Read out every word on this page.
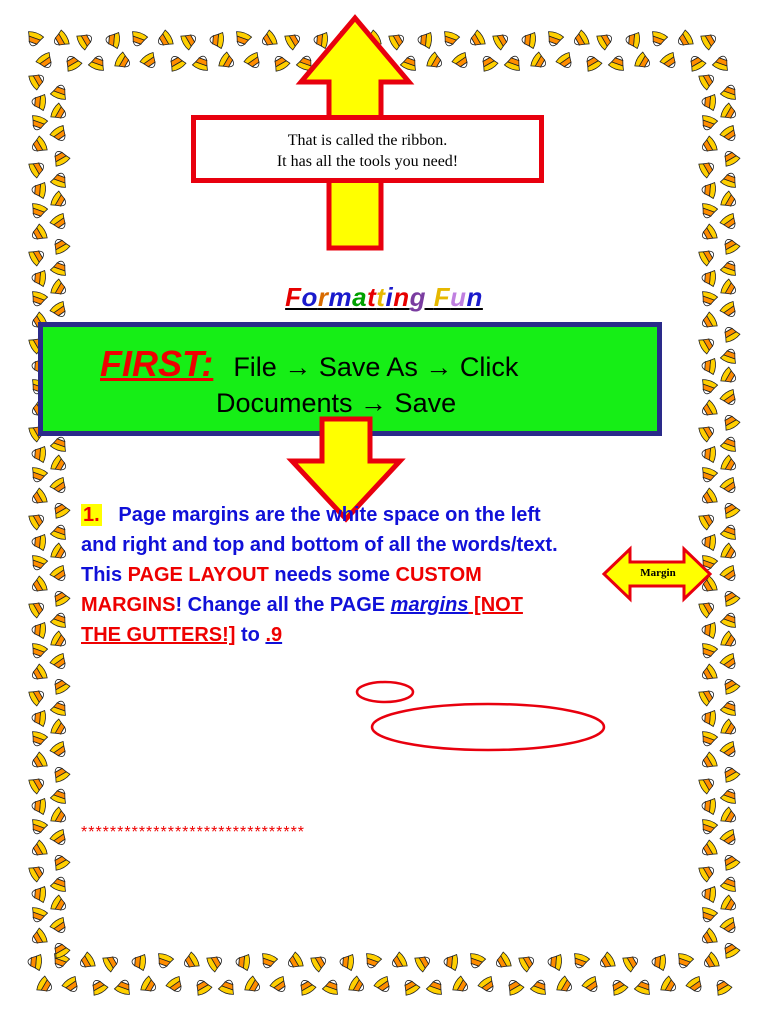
That is called the ribbon.
It has all the tools you need!
Formatting Fun
FIRST: File → Save As → Click
Documents → Save
1.   Page margins are the white space on the left
and right and top and bottom of all the words/text.
This PAGE LAYOUT needs some CUSTOM
MARGINS! Change all the PAGE margins [NOT
THE GUTTERS!] to .9
Margin
*******************************
